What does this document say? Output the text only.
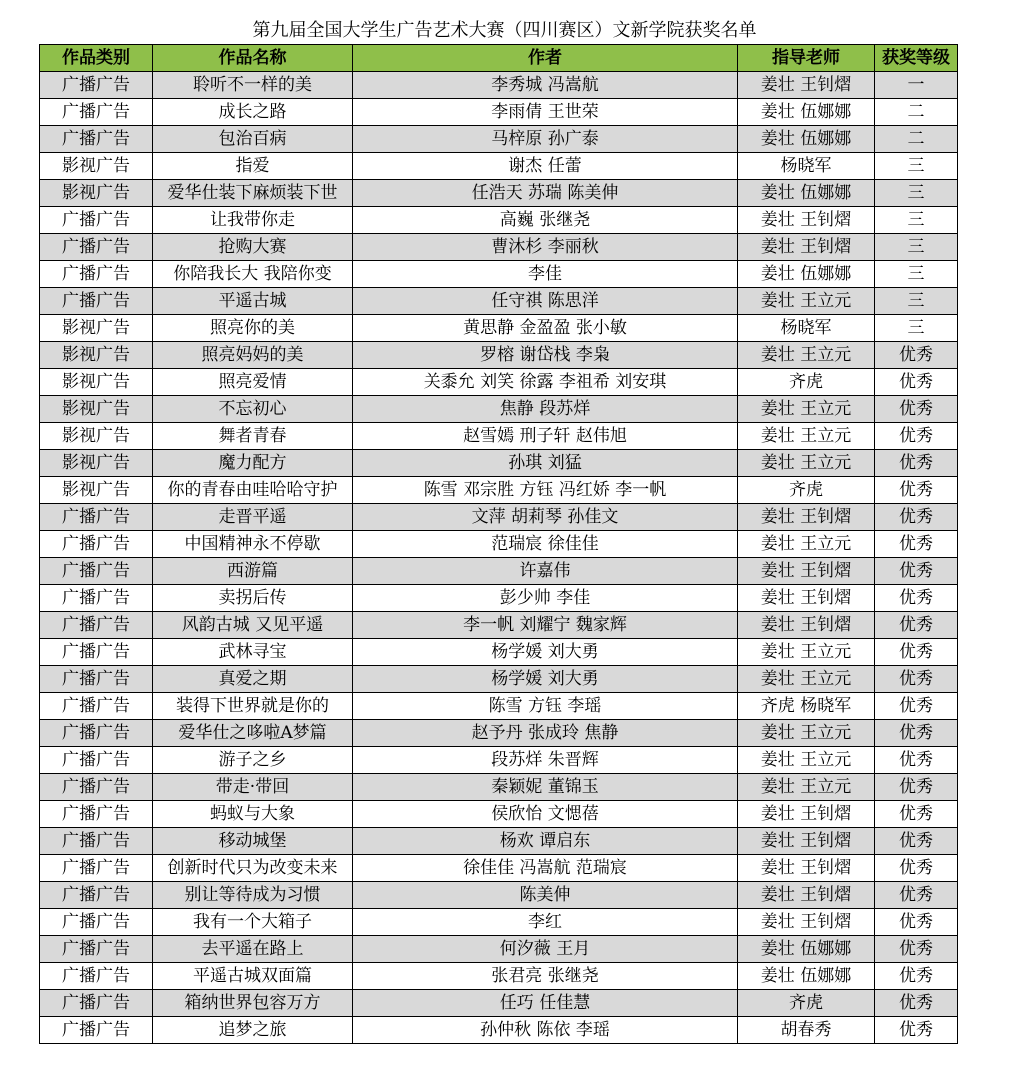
第九届全国大学生广告艺术大赛（四川赛区）文新学院获奖名单
作品类别	作品名称	作者	指导老师	获奖等级
广播广告	聆听不一样的美	李秀城 冯嵩航	姜壮 王钊熠	一
广播广告	成长之路	李雨倩 王世荣	姜壮 伍娜娜	二
广播广告	包治百病	马梓原 孙广泰	姜壮 伍娜娜	二
影视广告	指爱	谢杰 任蕾	杨晓军	三
影视广告	爱华仕装下麻烦装下世	任浩天 苏瑞 陈美伸	姜壮 伍娜娜	三
广播广告	让我带你走	高巍 张继尧	姜壮 王钊熠	三
广播广告	抢购大赛	曹沐杉 李丽秋	姜壮 王钊熠	三
广播广告	你陪我长大 我陪你变	李佳	姜壮 伍娜娜	三
广播广告	平遥古城	任守祺 陈思洋	姜壮 王立元	三
影视广告	照亮你的美	黄思静 金盈盈 张小敏	杨晓军	三
影视广告	照亮妈妈的美	罗榕 谢岱栈 李枭	姜壮 王立元	优秀
影视广告	照亮爱情	关黍允 刘笑 徐露 李祖希 刘安琪	齐虎	优秀
影视广告	不忘初心	焦静 段苏烊	姜壮 王立元	优秀
影视广告	舞者青春	赵雪嫣 刑子轩 赵伟旭	姜壮 王立元	优秀
影视广告	魔力配方	孙琪 刘猛	姜壮 王立元	优秀
影视广告	你的青春由哇哈哈守护	陈雪 邓宗胜 方钰 冯红娇 李一帆	齐虎	优秀
广播广告	走晋平遥	文萍 胡莉琴 孙佳文	姜壮 王钊熠	优秀
广播广告	中国精神永不停歇	范瑞宸 徐佳佳	姜壮 王立元	优秀
广播广告	西游篇	许嘉伟	姜壮 王钊熠	优秀
广播广告	卖拐后传	彭少帅 李佳	姜壮 王钊熠	优秀
广播广告	风韵古城 又见平遥	李一帆 刘耀宁 魏家辉	姜壮 王钊熠	优秀
广播广告	武林寻宝	杨学媛 刘大勇	姜壮 王立元	优秀
广播广告	真爱之期	杨学媛 刘大勇	姜壮 王立元	优秀
广播广告	装得下世界就是你的	陈雪 方钰 李瑶	齐虎 杨晓军	优秀
广播广告	爱华仕之哆啦A梦篇	赵予丹 张成玲 焦静	姜壮 王立元	优秀
广播广告	游子之乡	段苏烊 朱晋辉	姜壮 王立元	优秀
广播广告	带走·带回	秦颖妮 董锦玉	姜壮 王立元	优秀
广播广告	蚂蚁与大象	侯欣怡 文愢蓓	姜壮 王钊熠	优秀
广播广告	移动城堡	杨欢 谭启东	姜壮 王钊熠	优秀
广播广告	创新时代只为改变未来	徐佳佳 冯嵩航 范瑞宸	姜壮 王钊熠	优秀
广播广告	别让等待成为习惯	陈美伸	姜壮 王钊熠	优秀
广播广告	我有一个大箱子	李红	姜壮 王钊熠	优秀
广播广告	去平遥在路上	何汐薇 王月	姜壮 伍娜娜	优秀
广播广告	平遥古城双面篇	张君亮 张继尧	姜壮 伍娜娜	优秀
广播广告	箱纳世界包容万方	任巧 任佳慧	齐虎	优秀
广播广告	追梦之旅	孙仲秋 陈依 李瑶	胡春秀	优秀
